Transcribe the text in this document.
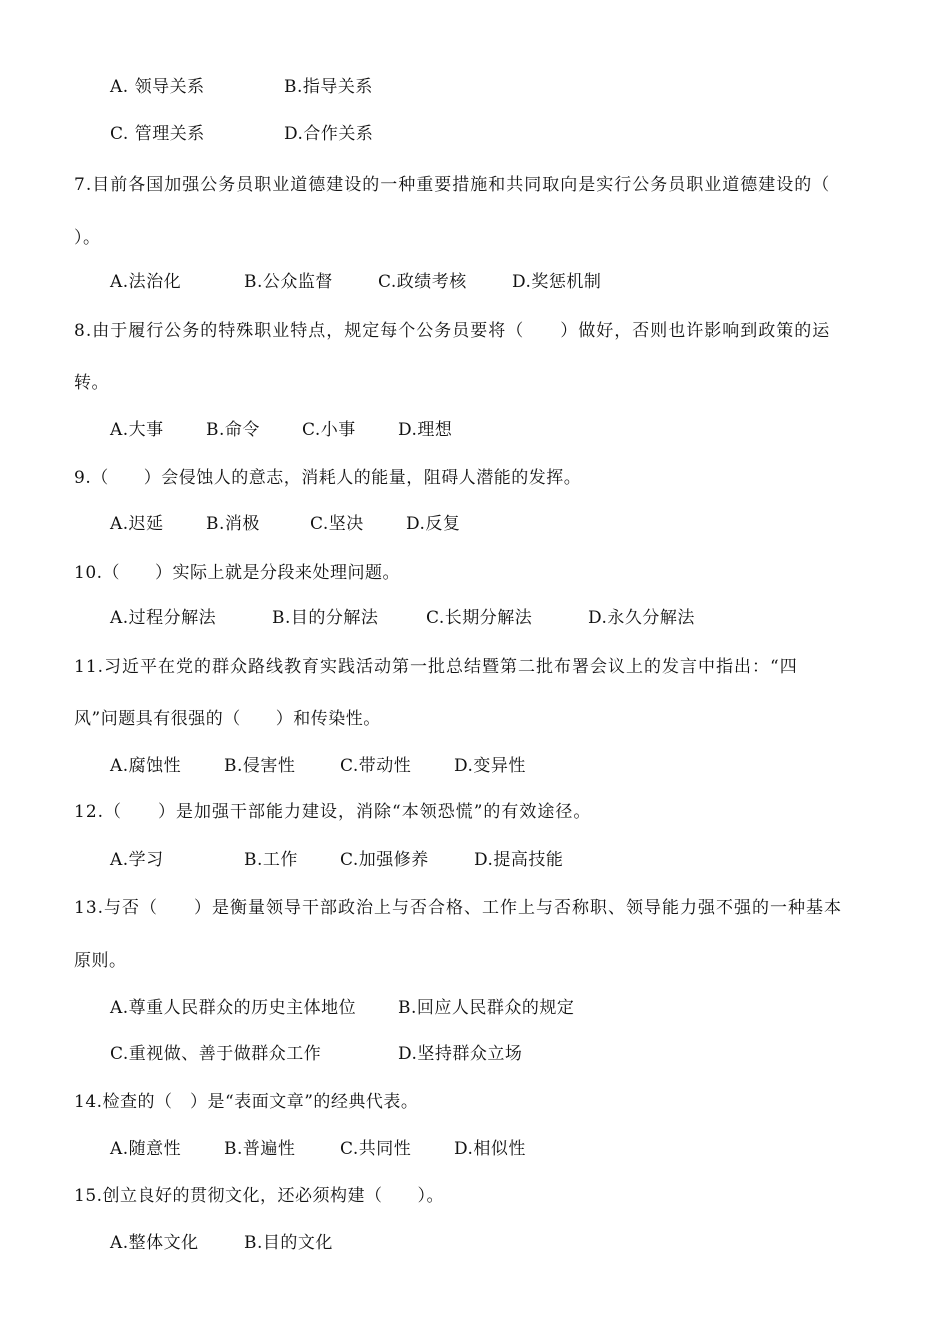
A. 领导关系	B.指导关系
C. 管理关系	D.合作关系
7.目前各国加强公务员职业道德建设的一种重要措施和共同取向是实行公务员职业道德建设的（
）。
A.法治化	B.公众监督	C.政绩考核	D.奖惩机制
8.由于履行公务的特殊职业特点，规定每个公务员要将（　　）做好，否则也许影响到政策的运
转。
A.大事 B.命令 C.小事 D.理想
9.（　　）会侵蚀人的意志，消耗人的能量，阻碍人潜能的发挥。
A.迟延 B.消极	C.坚决 D.反复
10.（　　）实际上就是分段来处理问题。
A.过程分解法	B.目的分解法	C.长期分解法	D.永久分解法
11.习近平在党的群众路线教育实践活动第一批总结暨第二批布署会议上的发言中指出：“四
风”问题具有很强的（　　）和传染性。
A.腐蚀性	B.侵害性	C.带动性	D.变异性
12.（　　）是加强干部能力建设，消除“本领恐慌”的有效途径。
A.学习	B.工作 C.加强修养	D.提高技能
13.与否（　　）是衡量领导干部政治上与否合格、工作上与否称职、领导能力强不强的一种基本
原则。
A.尊重人民群众的历史主体地位 B.回应人民群众的规定
C.重视做、善于做群众工作	D.坚持群众立场
14.检查的（　）是“表面文章”的经典代表。
A.随意性	B.普遍性	C.共同性	D.相似性
15.创立良好的贯彻文化，还必须构建（　　）。
A.整体文化	B.目的文化
